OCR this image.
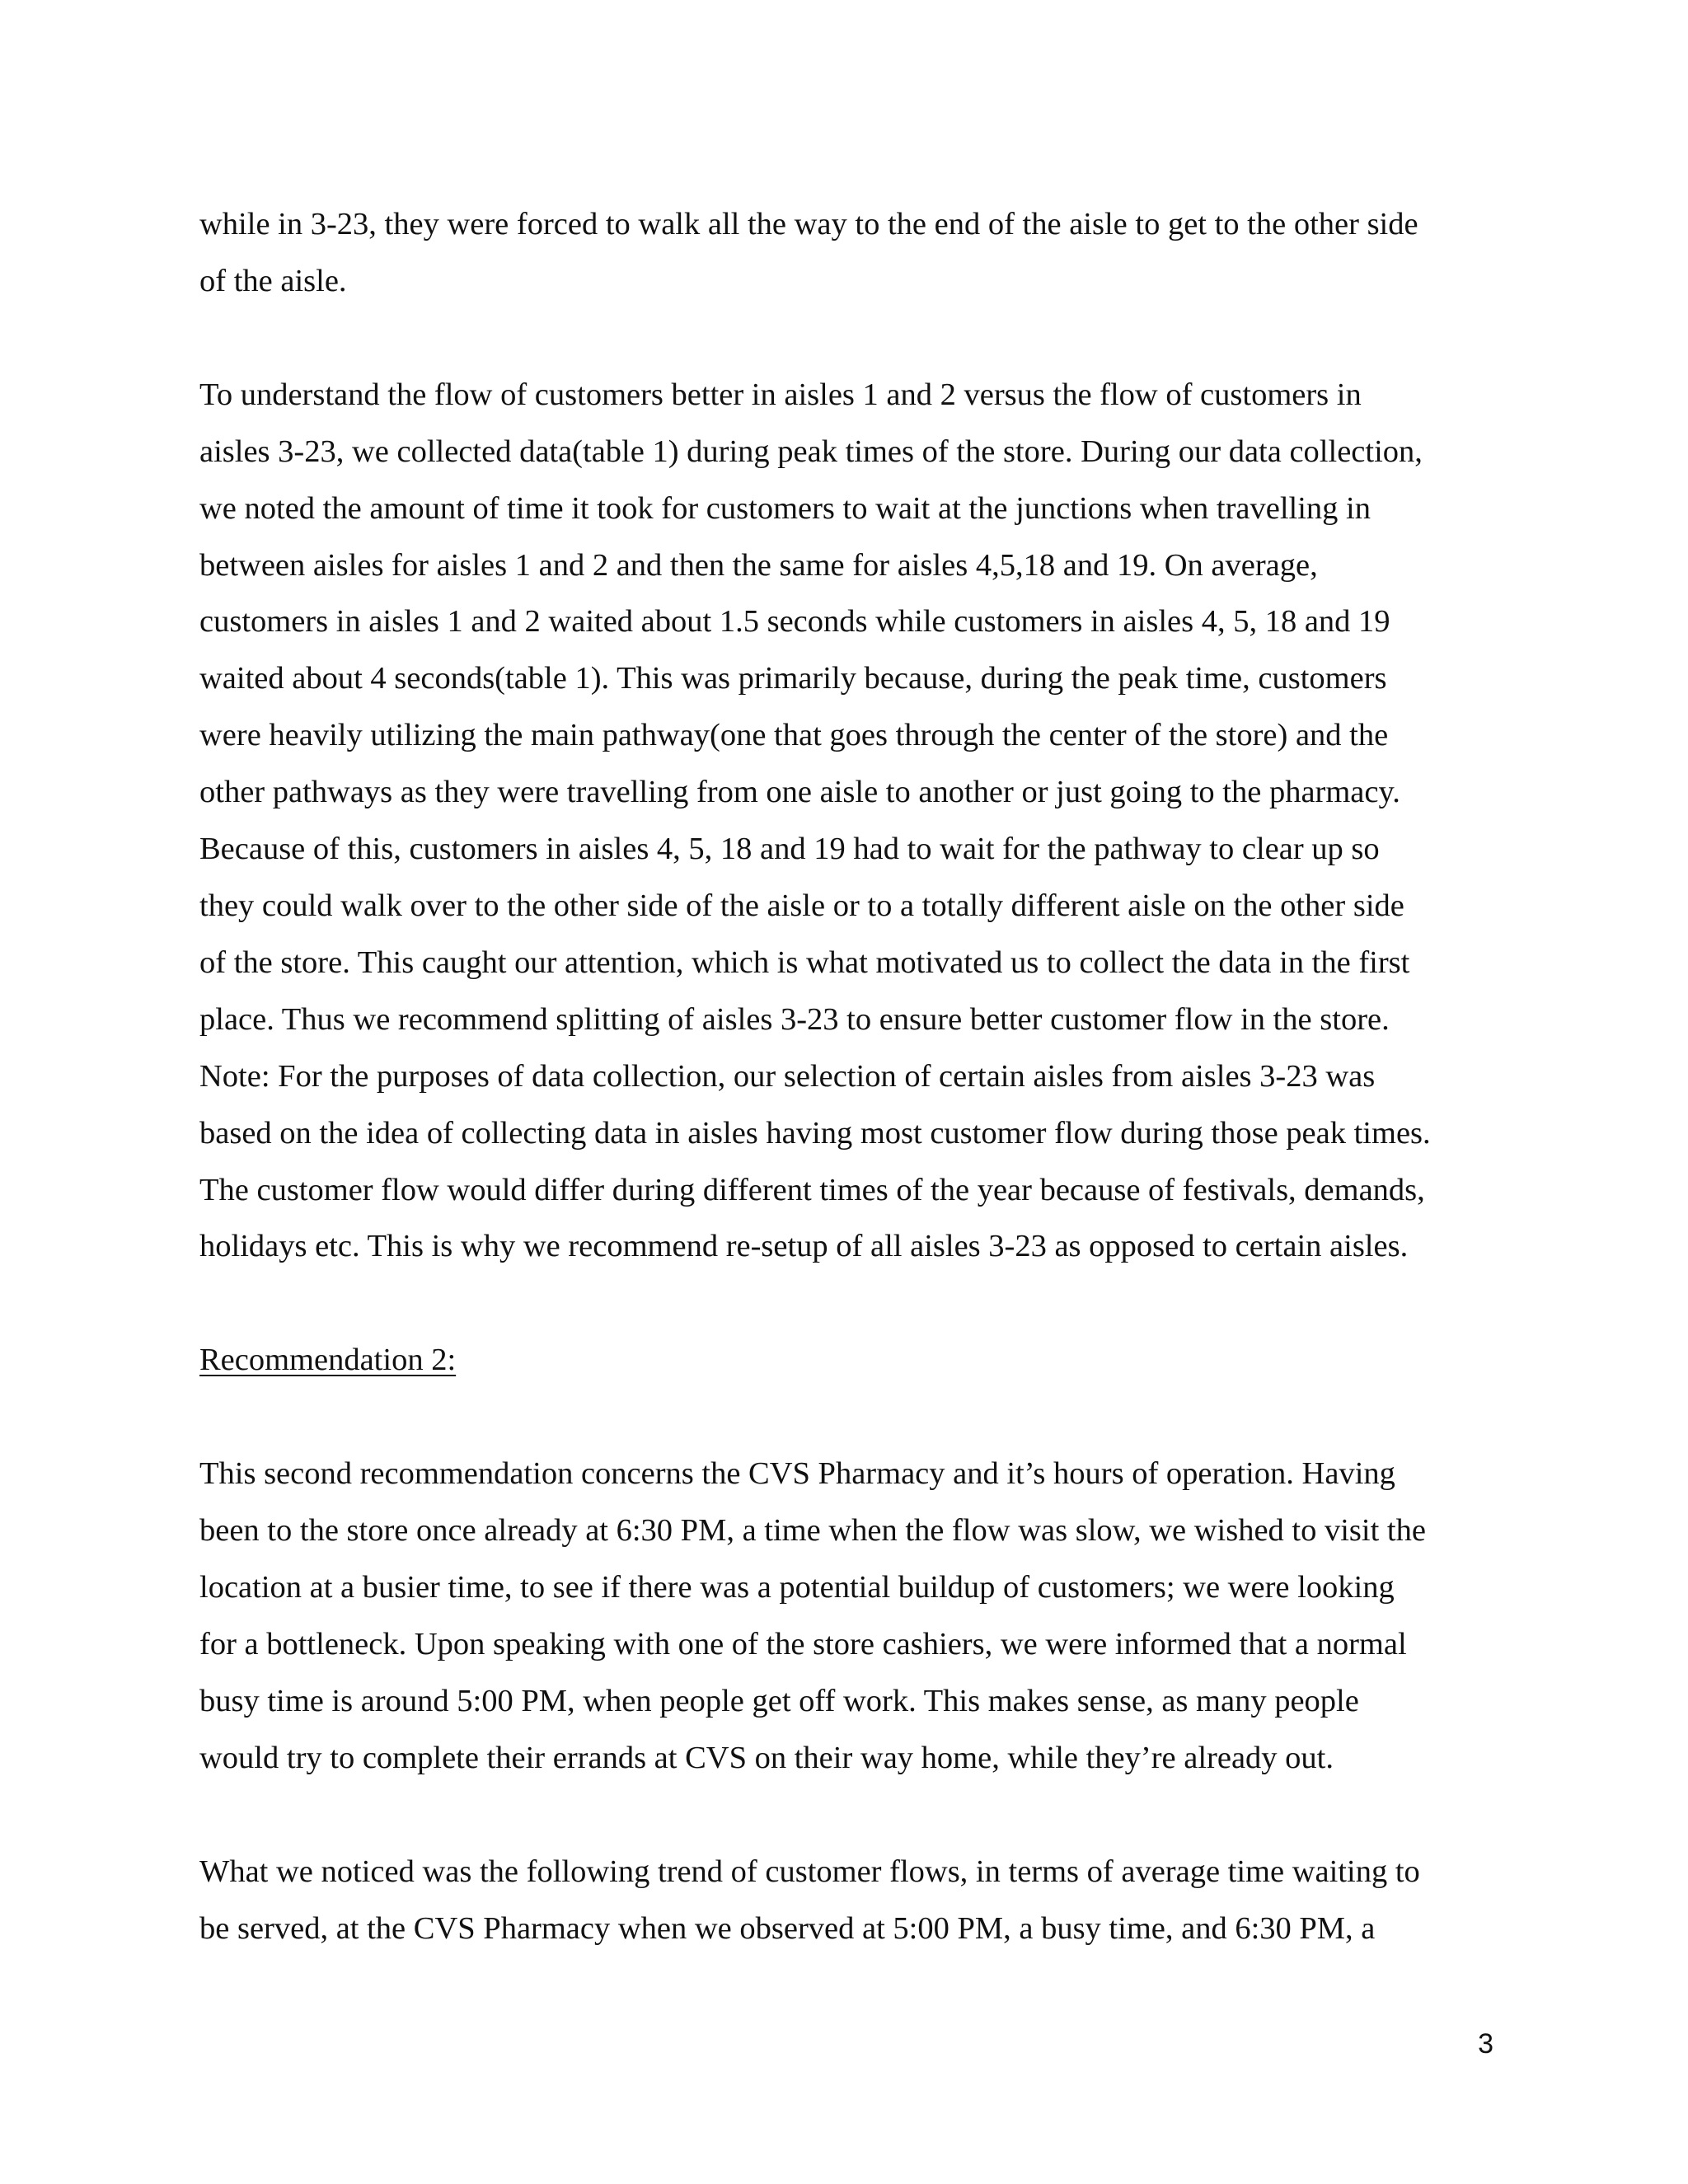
while in 3-23, they were forced to walk all the way to the end of the aisle to get to the other side
of the aisle.

To understand the flow of customers better in aisles 1 and 2 versus the flow of customers in
aisles 3-23, we collected data(table 1) during peak times of the store. During our data collection,
we noted the amount of time it took for customers to wait at the junctions when travelling in
between aisles for aisles 1 and 2 and then the same for aisles 4,5,18 and 19. On average,
customers in aisles 1 and 2 waited about 1.5 seconds while customers in aisles 4, 5, 18 and 19
waited about 4 seconds(table 1). This was primarily because, during the peak time, customers
were heavily utilizing the main pathway(one that goes through the center of the store) and the
other pathways as they were travelling from one aisle to another or just going to the pharmacy.
Because of this, customers in aisles 4, 5, 18 and 19 had to wait for the pathway to clear up so
they could walk over to the other side of the aisle or to a totally different aisle on the other side
of the store. This caught our attention, which is what motivated us to collect the data in the first
place. Thus we recommend splitting of aisles 3-23 to ensure better customer flow in the store.
Note: For the purposes of data collection, our selection of certain aisles from aisles 3-23 was
based on the idea of collecting data in aisles having most customer flow during those peak times.
The customer flow would differ during different times of the year because of festivals, demands,
holidays etc. This is why we recommend re-setup of all aisles 3-23 as opposed to certain aisles.

Recommendation 2:

This second recommendation concerns the CVS Pharmacy and it’s hours of operation. Having
been to the store once already at 6:30 PM, a time when the flow was slow, we wished to visit the
location at a busier time, to see if there was a potential buildup of customers; we were looking
for a bottleneck. Upon speaking with one of the store cashiers, we were informed that a normal
busy time is around 5:00 PM, when people get off work. This makes sense, as many people
would try to complete their errands at CVS on their way home, while they’re already out.

What we noticed was the following trend of customer flows, in terms of average time waiting to
be served, at the CVS Pharmacy when we observed at 5:00 PM, a busy time, and 6:30 PM, a

3
